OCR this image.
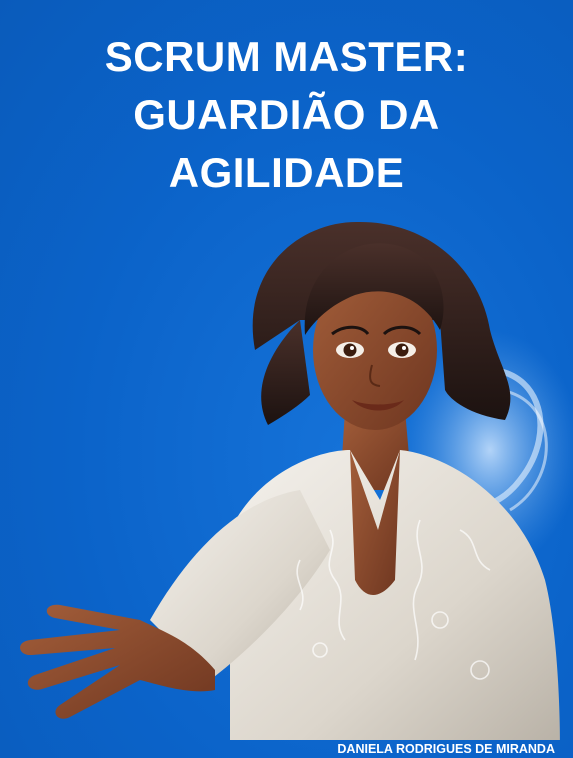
SCRUM MASTER:
GUARDIÃO DA
AGILIDADE
DANIELA RODRIGUES DE MIRANDA
